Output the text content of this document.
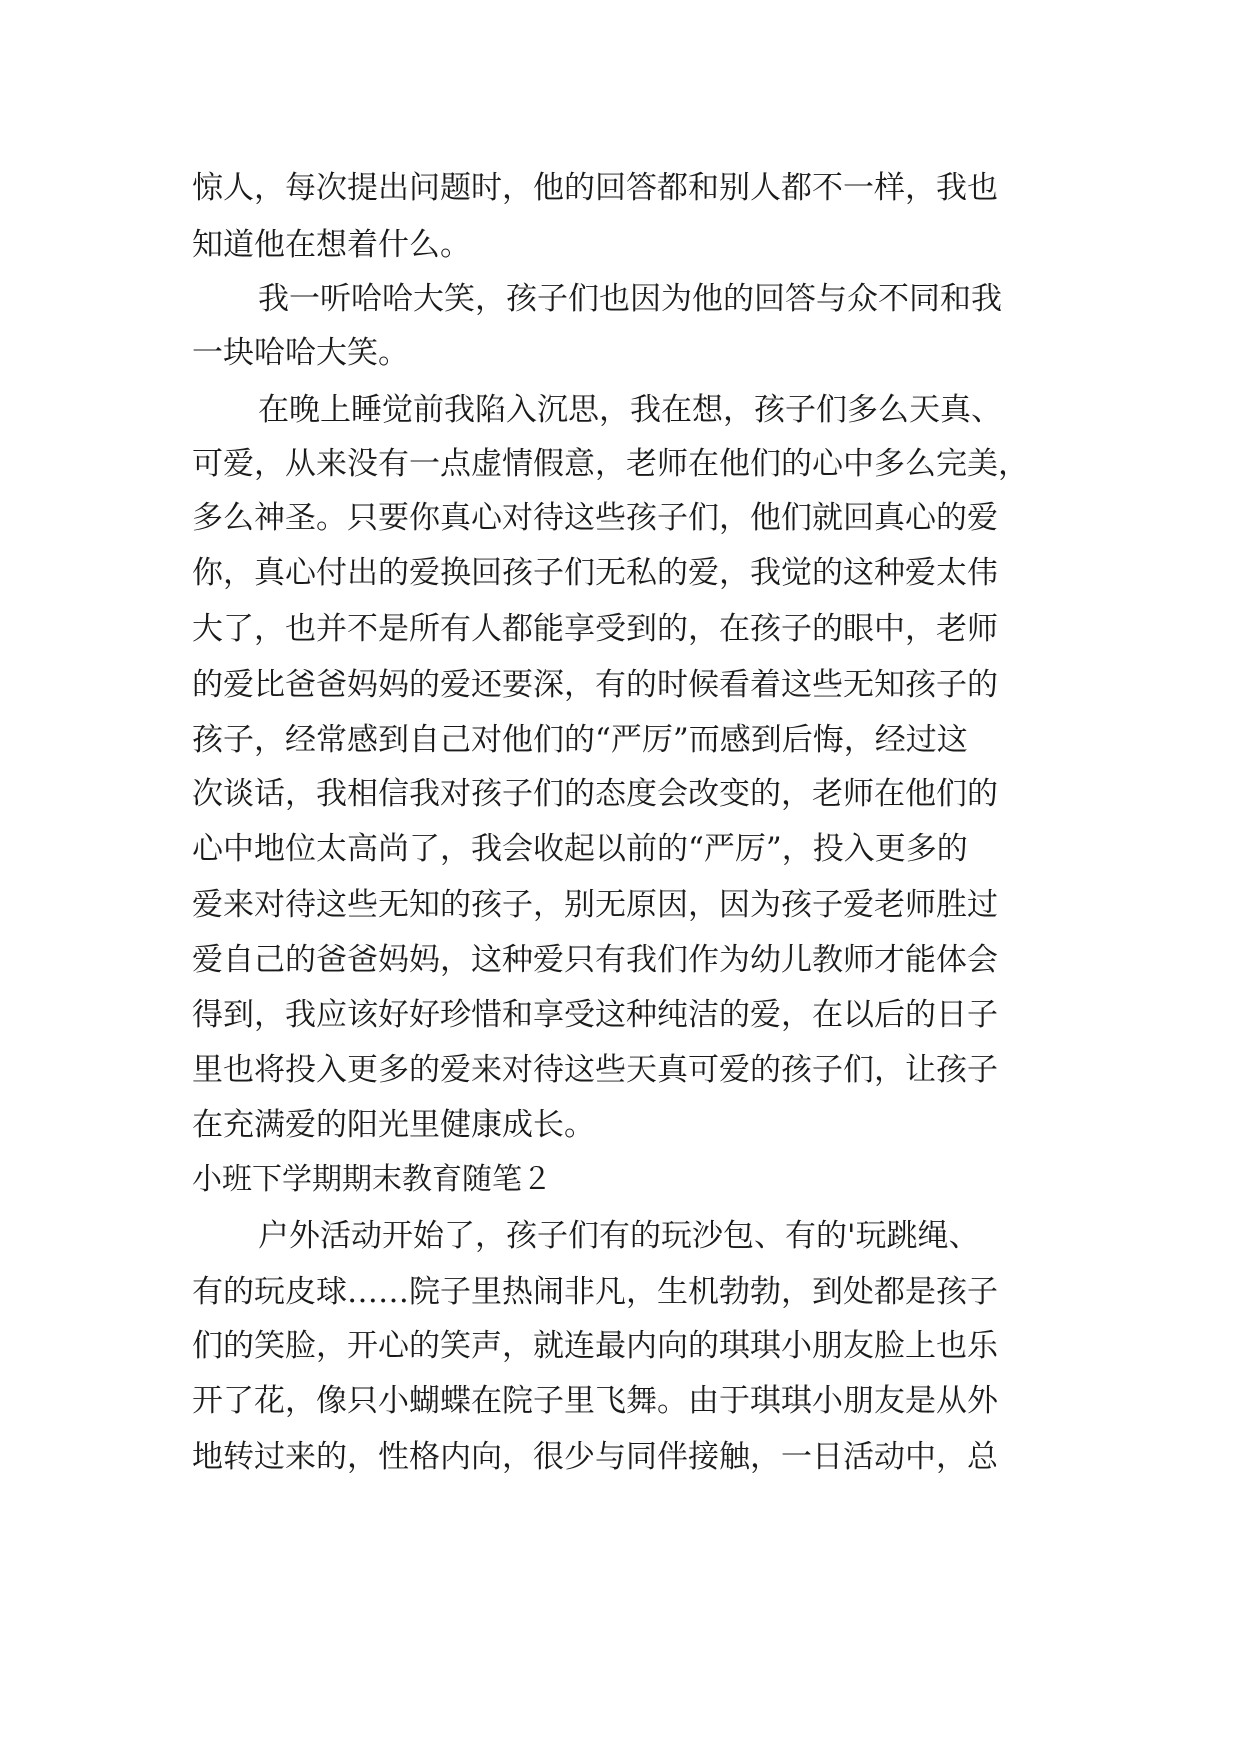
惊人，每次提出问题时，他的回答都和别人都不一样，我也
知道他在想着什么。
我一听哈哈大笑，孩子们也因为他的回答与众不同和我
一块哈哈大笑。
在晚上睡觉前我陷入沉思，我在想，孩子们多么天真、
可爱，从来没有一点虚情假意，老师在他们的心中多么完美，
多么神圣。只要你真心对待这些孩子们，他们就回真心的爱
你，真心付出的爱换回孩子们无私的爱，我觉的这种爱太伟
大了，也并不是所有人都能享受到的，在孩子的眼中，老师
的爱比爸爸妈妈的爱还要深，有的时候看着这些无知孩子的
孩子，经常感到自己对他们的“严厉”而感到后悔，经过这
次谈话，我相信我对孩子们的态度会改变的，老师在他们的
心中地位太高尚了，我会收起以前的“严厉”，投入更多的
爱来对待这些无知的孩子，别无原因，因为孩子爱老师胜过
爱自己的爸爸妈妈，这种爱只有我们作为幼儿教师才能体会
得到，我应该好好珍惜和享受这种纯洁的爱，在以后的日子
里也将投入更多的爱来对待这些天真可爱的孩子们，让孩子
在充满爱的阳光里健康成长。
小班下学期期末教育随笔２
户外活动开始了，孩子们有的玩沙包、有的'玩跳绳、
有的玩皮球……院子里热闹非凡，生机勃勃，到处都是孩子
们的笑脸，开心的笑声，就连最内向的琪琪小朋友脸上也乐
开了花，像只小蝴蝶在院子里飞舞。由于琪琪小朋友是从外
地转过来的，性格内向，很少与同伴接触，一日活动中，总
